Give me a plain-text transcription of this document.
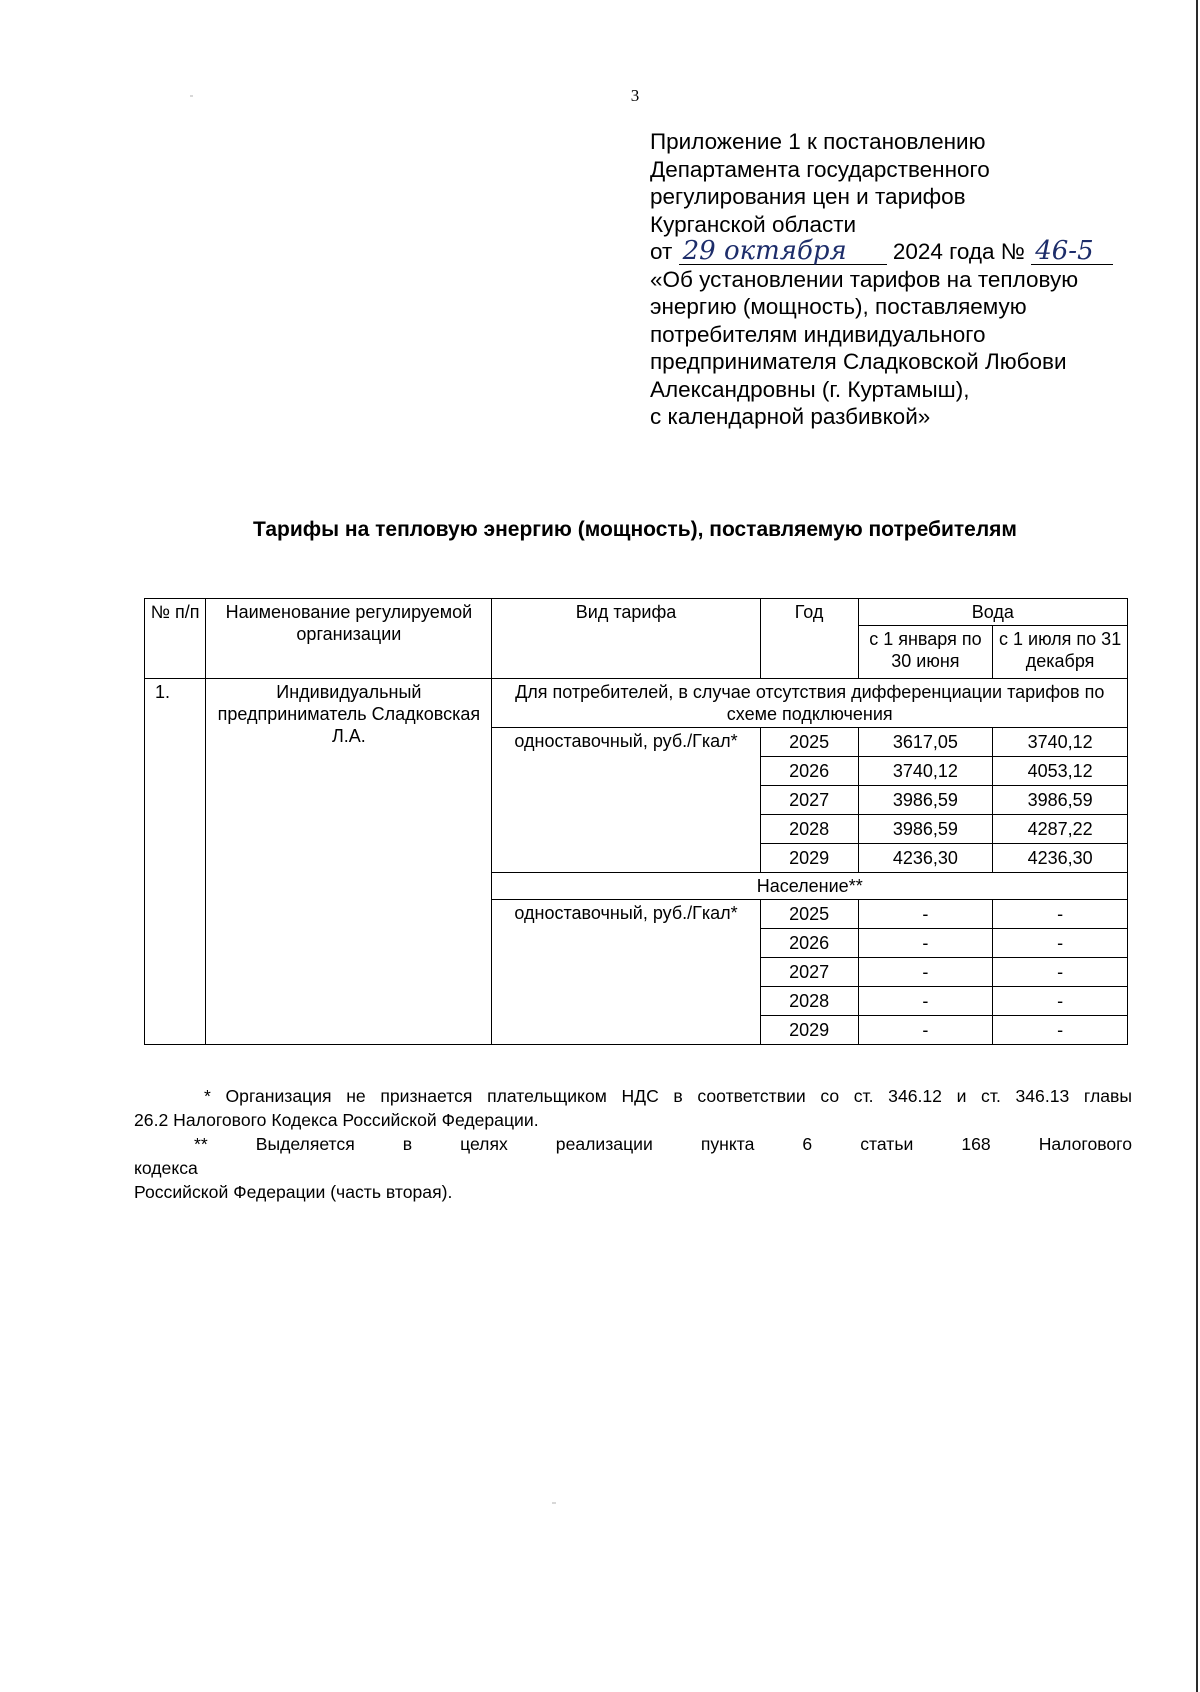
3
Приложение 1 к постановлению
Департамента государственного
регулирования цен и тарифов
Курганской области
от 29 октября 2024 года № 46-5
«Об установлении тарифов на тепловую
энергию (мощность), поставляемую
потребителям индивидуального
предпринимателя Сладковской Любови
Александровны (г. Куртамыш),
с календарной разбивкой»
Тарифы на тепловую энергию (мощность), поставляемую потребителям
№ п/п	Наименование регулируемой организации	Вид тарифа	Год	Вода	
				с 1 января по 30 июня	с 1 июля по 31 декабря
1.	Индивидуальный предприниматель Сладковская Л.А.	Для потребителей, в случае отсутствия дифференциации тарифов по схеме подключения			
		одноставочный, руб./Гкал*	2025	3617,05	3740,12
			2026	3740,12	4053,12
			2027	3986,59	3986,59
			2028	3986,59	4287,22
			2029	4236,30	4236,30
		Население**			
		одноставочный, руб./Гкал*	2025	-	-
			2026	-	-
			2027	-	-
			2028	-	-
			2029	-	-

* Организация не признается плательщиком НДС в соответствии со ст. 346.12 и ст. 346.13 главы

26.2 Налогового Кодекса Российской Федерации.

** Выделяется в целях реализации пункта 6 статьи 168 Налогового кодекса

Российской Федерации (часть вторая).
